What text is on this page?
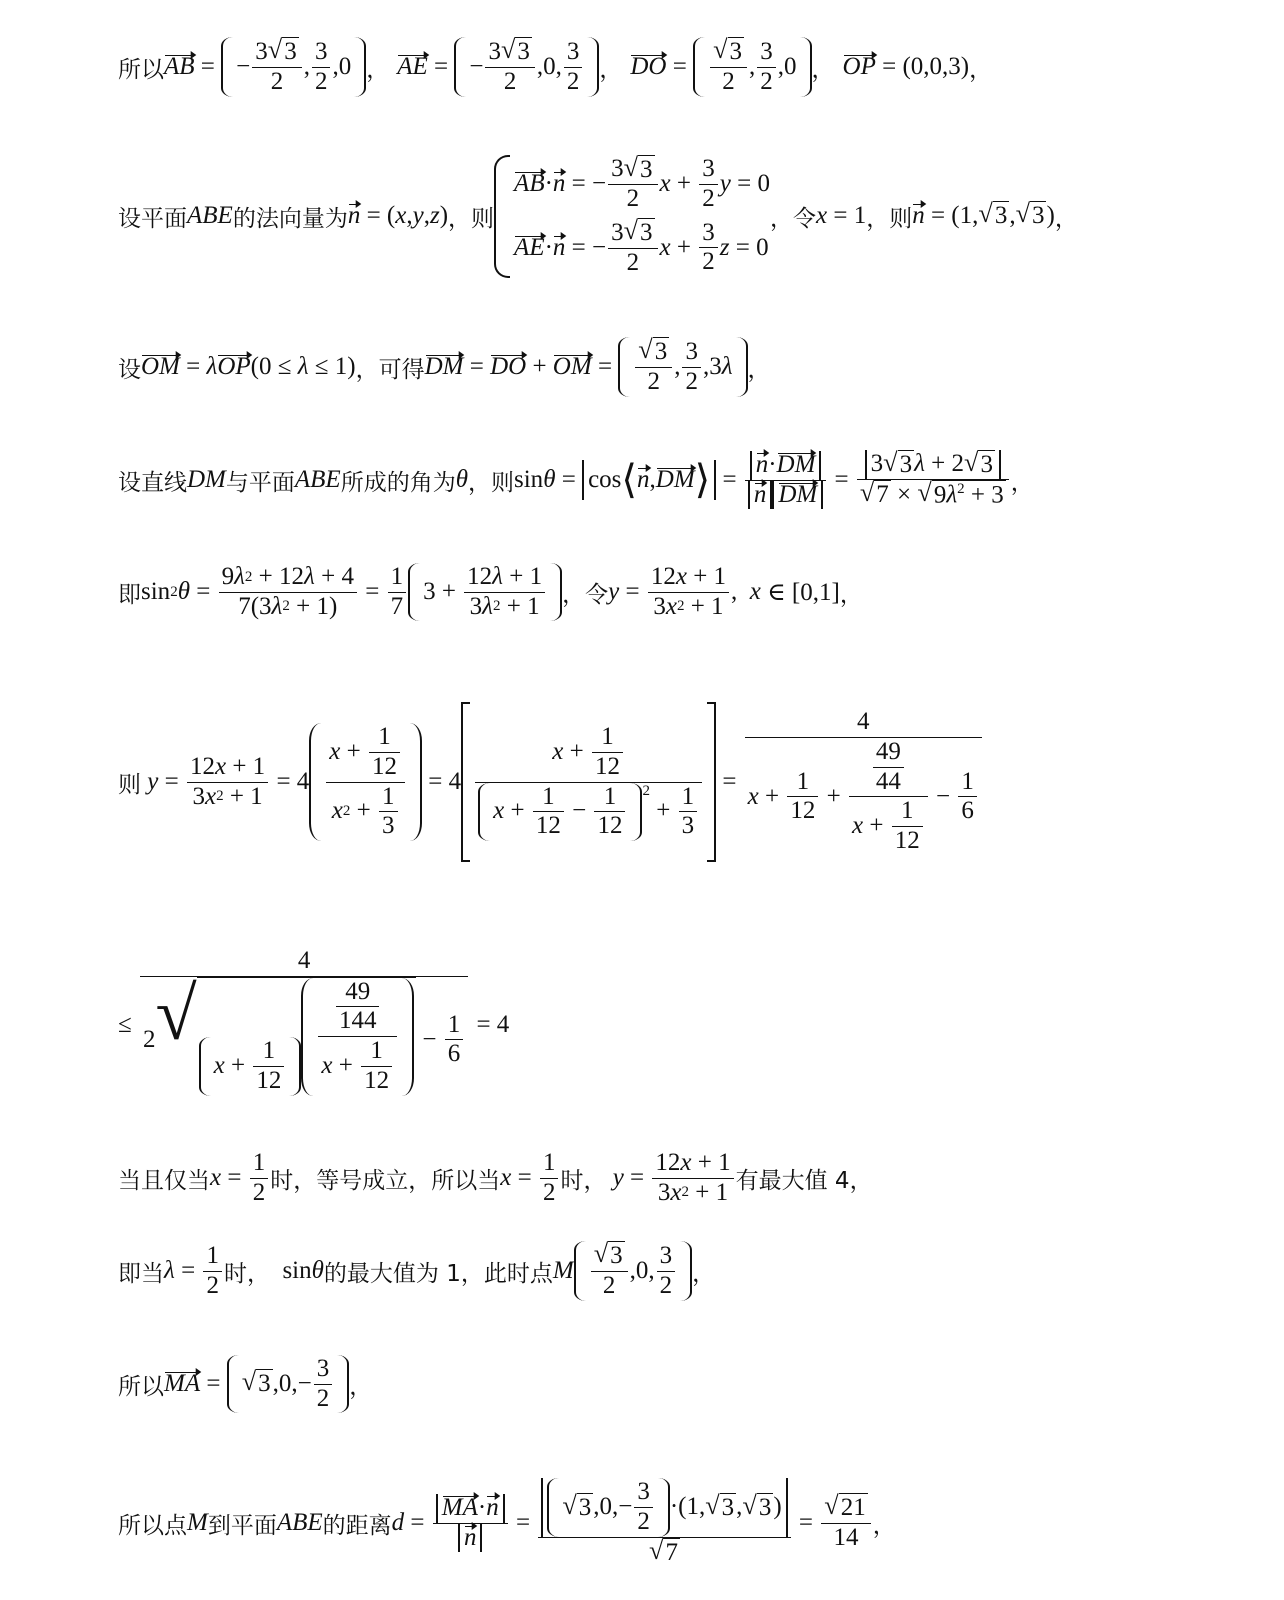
所以 AB = − $\frac{3 √ 3}{2}$ , $\frac{3}{2} ,0$ ， AE = − $\frac{3 √ 3}{2} ,0$, $\frac{3}{2}$ ， DO = $\frac{√ 3}{2}$ , $\frac{3}{2} ,0$ ， OP = (0,0,3) ，
设平面 ABE 的法向量为 n = ( x , y , z ) ，则
AB · n = − $\frac{3 √ 3}{2}$ $x + \frac{3}{2}$ y = 0
AE · n = − $\frac{3 √ 3}{2}$ $x + \frac{3}{2}$ z = 0
，令 x = 1 ，则 n = (1, √ 3 , √ 3 ) ，
设 OM = λ OP (0 ≤ λ ≤ 1) ，可得 DM = DO + OM = $\frac{√ 3}{2}$ , $\frac{3}{2} ,3$ λ ，
设直线 DM 与平面 ABE 所成的角为 θ ，则 sin θ = cos ⟨ n , DM ⟩ = $\frac{n \cdot DM}{\text{n DM}} = \frac{3 √ 3 \lambda + 2 √ 3}{√ 7 \times √ 9\lambda^2 + 3}$ ，
即 sin 2 $\theta = \frac{9 \lambda 2 + 12 \lambda + 4}{7(3 \lambda 2 + 1)} = \frac{1}{7} 3 + \frac{12 \lambda + 1}{3 \lambda 2 + 1}$ ，令 $y = \frac{12 x + 1}{3 x 2 + 1}$ , x ∈ [0,1] ，
则
$y = \frac{12 x + 1}{3 x 2 + 1} = 4 \frac{x + \frac{1}{12}}{x 2 + \frac{1}{3}} = 4$ $x + \frac{1}{12}$
$x + \frac{1}{12} - \frac{1}{12} 2$
+ $\frac{1}{3} = \frac{4}{x + \frac{1}{12} + \frac{\frac{49}{44}}{x + \frac{1}{12}} - \frac{1}{6}}$
≤
4
2 √
$x + \frac{1}{12} \frac{\frac{49}{144}}{x + \frac{1}{12}} - \frac{1}{6} = 4$
当且仅当 $x = \frac{1}{2}$ 时，等号成立，所以当 $x = \frac{1}{2}$ 时，
$y = \frac{12 x + 1}{3 x 2 + 1}$ 有最大值 4，
即当 $\lambda = \frac{1}{2}$ 时， sin θ 的最大值为 1，此时点 M $\frac{√ 3}{2} ,0$, $\frac{3}{2}$ ，
所以 MA = √ 3 $,0,- \frac{3}{2}$ ，
所以点 M 到平面 ABE 的距离 $d = \frac{MA \cdot n}{n} = \frac{√ 3 ,0,- \frac{3}{2} \cdot(1, √ 3 , √ 3 )}{√ 7} = \frac{√ 21}{14}$ ，
